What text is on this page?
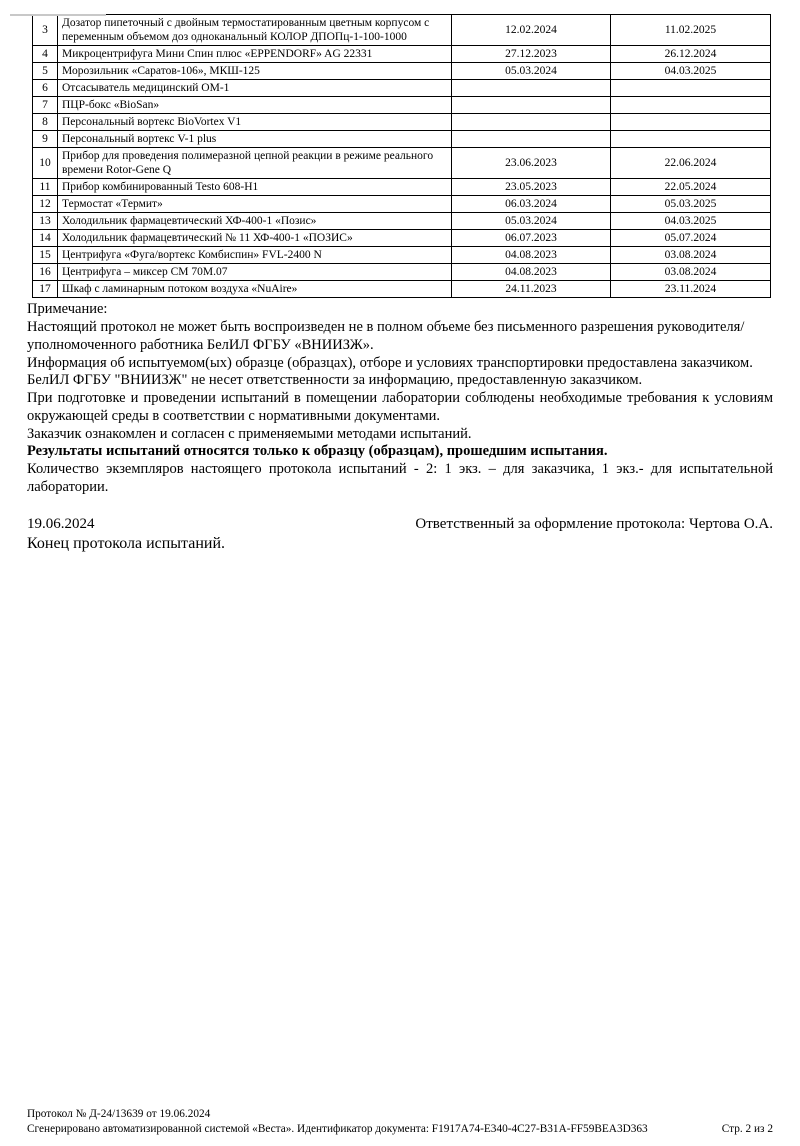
3	Дозатор пипеточный с двойным термостатированным цветным корпусом с переменным объемом доз одноканальный КОЛОР ДПОПц-1-100-1000	12.02.2024	11.02.2025
4	Микроцентрифуга Мини Спин плюс «EPPENDORF» AG 22331	27.12.2023	26.12.2024
5	Морозильник «Саратов-106», МКШ-125	05.03.2024	04.03.2025
6	Отсасыватель медицинский ОМ-1		
7	ПЦР-бокс «BioSan»		
8	Персональный вортекс BioVortex V1		
9	Персональный вортекс V-1 plus		
10	Прибор для проведения полимеразной цепной реакции в режиме реального времени Rotor-Gene Q	23.06.2023	22.06.2024
11	Прибор комбинированный Testo 608-H1	23.05.2023	22.05.2024
12	Термостат «Термит»	06.03.2024	05.03.2025
13	Холодильник фармацевтический ХФ-400-1 «Позис»	05.03.2024	04.03.2025
14	Холодильник фармацевтический № 11 ХФ-400-1 «ПОЗИС»	06.07.2023	05.07.2024
15	Центрифуга «Фуга/вортекс Комбиспин» FVL-2400 N	04.08.2023	03.08.2024
16	Центрифуга – миксер СМ 70М.07	04.08.2023	03.08.2024
17	Шкаф с ламинарным потоком воздуха «NuAire»	24.11.2023	23.11.2024

Примечание:

Настоящий протокол не может быть воспроизведен не в полном объеме без письменного разрешения руководителя/уполномоченного работника БелИЛ ФГБУ «ВНИИЗЖ».

Информация об испытуемом(ых) образце (образцах), отборе и условиях транспортировки предоставлена заказчиком.

БелИЛ ФГБУ "ВНИИЗЖ" не несет ответственности за информацию, предоставленную заказчиком.

При подготовке и проведении испытаний в помещении лаборатории соблюдены необходимые требования к условиям окружающей среды в соответствии с нормативными документами.

Заказчик ознакомлен и согласен с применяемыми методами испытаний.

Результаты испытаний относятся только к образцу (образцам), прошедшим испытания.

Количество экземпляров настоящего протокола испытаний - 2: 1 экз. – для заказчика, 1 экз.- для испытательной лаборатории.

19.06.2024	Ответственный за оформление протокола: Чертова О.А.
Конец протокола испытаний.
Протокол № Д-24/13639 от 19.06.2024
Сгенерировано автоматизированной системой «Веста». Идентификатор документа: F1917A74-E340-4C27-B31A-FF59BEA3D363	Стр. 2 из 2
